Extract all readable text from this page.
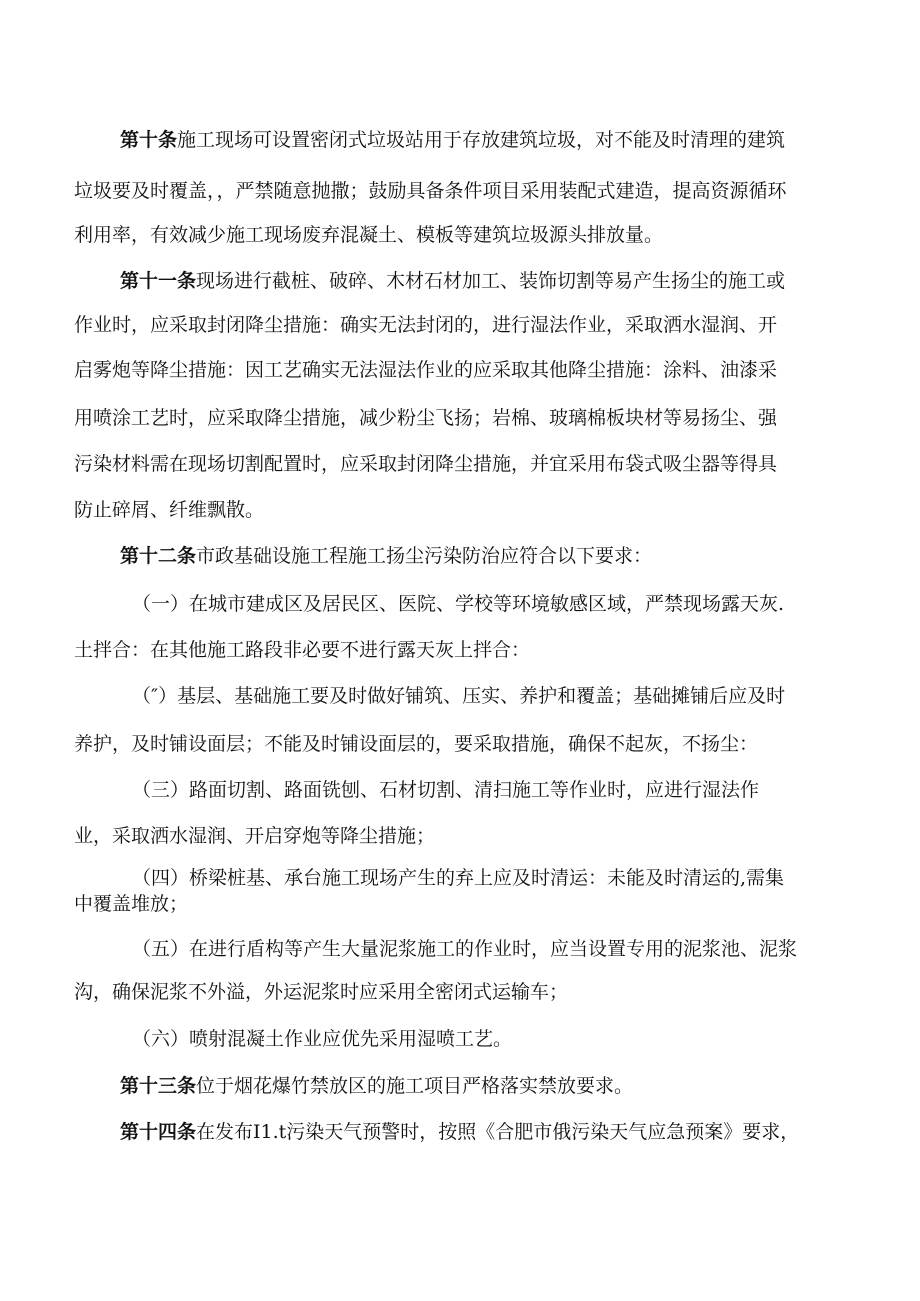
第十条施工现场可设置密闭式垃圾站用于存放建筑垃圾，对不能及时清理的建筑
垃圾要及时覆盖，，严禁随意抛撒；鼓励具备条件项目采用装配式建造，提高资源循环
利用率，有效减少施工现场废弃混凝土、模板等建筑垃圾源头排放量。
第十一条现场进行截桩、破碎、木材石材加工、装饰切割等易产生扬尘的施工或
作业时，应采取封闭降尘措施：确实无法封闭的，进行湿法作业，采取洒水湿润、开
启雾炮等降尘措施：因工艺确实无法湿法作业的应采取其他降尘措施：涂料、油漆采
用喷涂工艺时，应采取降尘措施，减少粉尘飞扬；岩棉、玻璃棉板块材等易扬尘、强
污染材料需在现场切割配置时，应采取封闭降尘措施，并宜采用布袋式吸尘器等得具
防止碎屑、纤维飘散。
第十二条市政基础设施工程施工扬尘污染防治应符合以下要求：
（一）在城市建成区及居民区、医院、学校等环境敏感区域，严禁现场露天灰.
土拌合：在其他施工路段非必要不进行露天灰上拌合：
（″）基层、基础施工要及时做好铺筑、压实、养护和覆盖；基础摊铺后应及时
养护，及时铺设面层；不能及时铺设面层的，要采取措施，确保不起灰，不扬尘：
（三）路面切割、路面铣刨、石材切割、清扫施工等作业时，应进行湿法作
业，采取洒水湿润、开启穿炮等降尘措施；
（四）桥梁桩基、承台施工现场产生的弃上应及时清运：未能及时清运的,需集
中覆盖堆放；
（五）在进行盾构等产生大量泥浆施工的作业时，应当设置专用的泥浆池、泥浆
沟，确保泥浆不外溢，外运泥浆时应采用全密闭式运输车；
（六）喷射混凝土作业应优先采用湿喷工艺。
第十三条位于烟花爆竹禁放区的施工项目严格落实禁放要求。
第十四条在发布I1.t污染天气预警时，按照《合肥市俄污染天气应急预案》要求，
